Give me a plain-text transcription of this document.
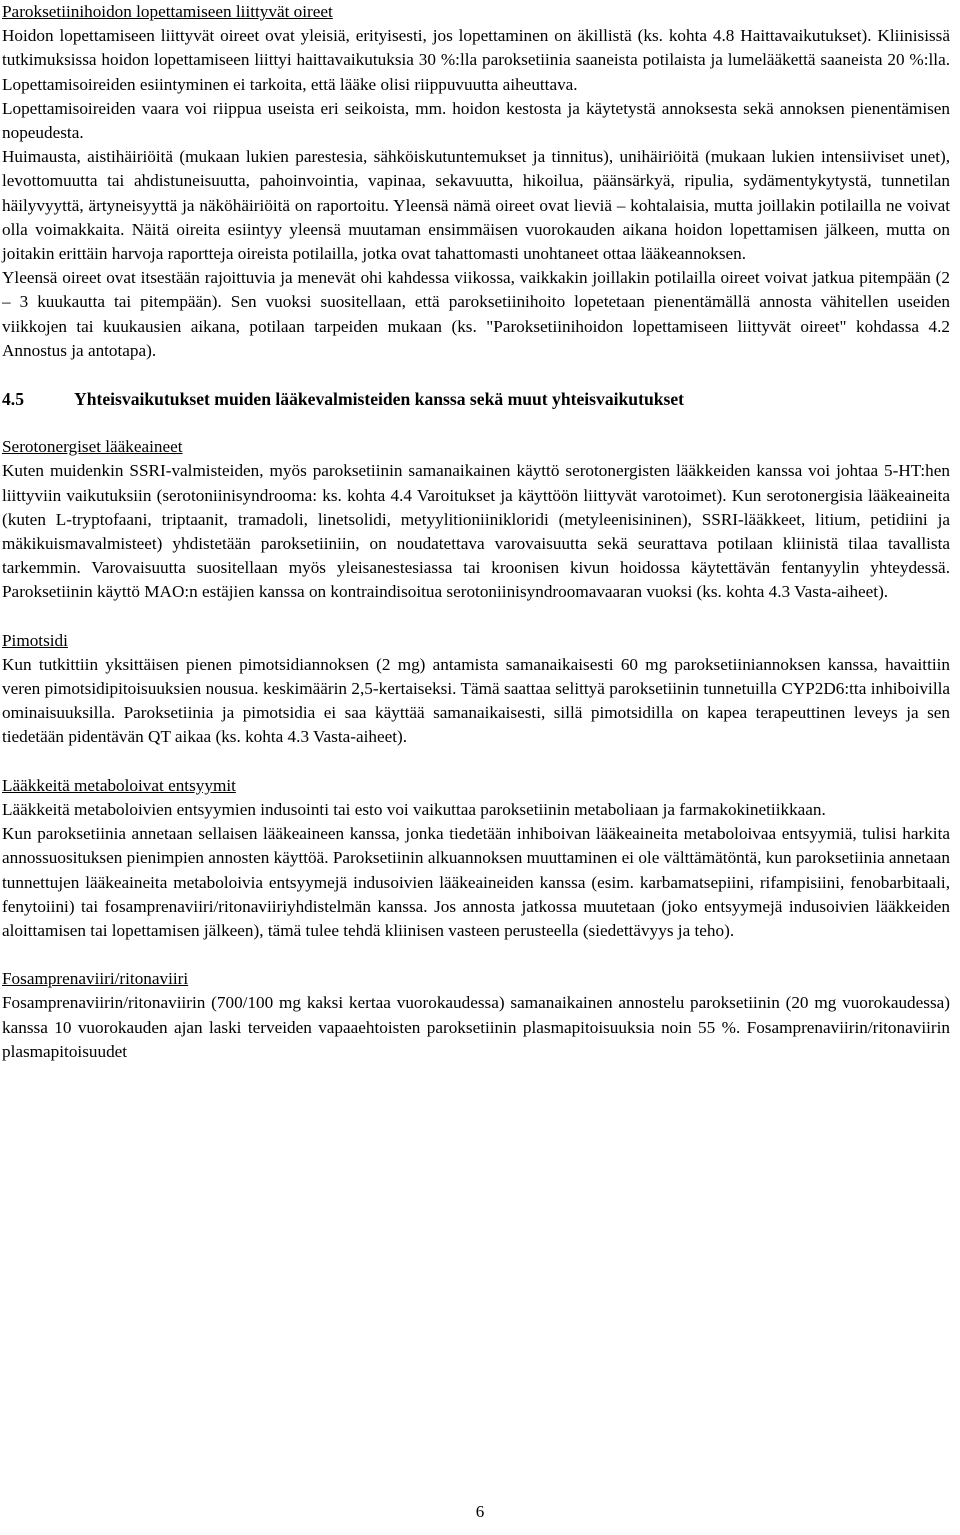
Paroksetiinihoidon lopettamiseen liittyvät oireet

Hoidon lopettamiseen liittyvät oireet ovat yleisiä, erityisesti, jos lopettaminen on äkillistä (ks. kohta 4.8 Haittavaikutukset). Kliinisissä tutkimuksissa hoidon lopettamiseen liittyi haittavaikutuksia 30 %:lla paroksetiinia saaneista potilaista ja lumelääkettä saaneista 20 %:lla. Lopettamisoireiden esiintyminen ei tarkoita, että lääke olisi riippuvuutta aiheuttava.

Lopettamisoireiden vaara voi riippua useista eri seikoista, mm. hoidon kestosta ja käytetystä annoksesta sekä annoksen pienentämisen nopeudesta.

Huimausta, aistihäiriöitä (mukaan lukien parestesia, sähköiskutuntemukset ja tinnitus), unihäiriöitä (mukaan lukien intensiiviset unet), levottomuutta tai ahdistuneisuutta, pahoinvointia, vapinaa, sekavuutta, hikoilua, päänsärkyä, ripulia, sydämentykytystä, tunnetilan häilyvyyttä, ärtyneisyyttä ja näköhäiriöitä on raportoitu. Yleensä nämä oireet ovat lieviä – kohtalaisia, mutta joillakin potilailla ne voivat olla voimakkaita. Näitä oireita esiintyy yleensä muutaman ensimmäisen vuorokauden aikana hoidon lopettamisen jälkeen, mutta on joitakin erittäin harvoja raportteja oireista potilailla, jotka ovat tahattomasti unohtaneet ottaa lääkeannoksen.

Yleensä oireet ovat itsestään rajoittuvia ja menevät ohi kahdessa viikossa, vaikkakin joillakin potilailla oireet voivat jatkua pitempään (2 – 3 kuukautta tai pitempään). Sen vuoksi suositellaan, että paroksetiinihoito lopetetaan pienentämällä annosta vähitellen useiden viikkojen tai kuukausien aikana, potilaan tarpeiden mukaan (ks. "Paroksetiinihoidon lopettamiseen liittyvät oireet" kohdassa 4.2 Annostus ja antotapa).

4.5	Yhteisvaikutukset muiden lääkevalmisteiden kanssa sekä muut yhteisvaikutukset

Serotonergiset lääkeaineet

Kuten muidenkin SSRI-valmisteiden, myös paroksetiinin samanaikainen käyttö serotonergisten lääkkeiden kanssa voi johtaa 5-HT:hen liittyviin vaikutuksiin (serotoniinisyndrooma: ks. kohta 4.4 Varoitukset ja käyttöön liittyvät varotoimet). Kun serotonergisia lääkeaineita (kuten L-tryptofaani, triptaanit, tramadoli, linetsolidi, metyylitioniinikloridi (metyleenisininen), SSRI-lääkkeet, litium, petidiini ja mäkikuismavalmisteet) yhdistetään paroksetiiniin, on noudatettava varovaisuutta sekä seurattava potilaan kliinistä tilaa tavallista tarkemmin. Varovaisuutta suositellaan myös yleisanestesiassa tai kroonisen kivun hoidossa käytettävän fentanyylin yhteydessä. Paroksetiinin käyttö MAO:n estäjien kanssa on kontraindisoitua serotoniinisyndroomavaaran vuoksi (ks. kohta 4.3 Vasta-aiheet).

Pimotsidi

Kun tutkittiin yksittäisen pienen pimotsidiannoksen (2 mg) antamista samanaikaisesti 60 mg paroksetiiniannoksen kanssa, havaittiin veren pimotsidipitoisuuksien nousua. keskimäärin 2,5-kertaiseksi. Tämä saattaa selittyä paroksetiinin tunnetuilla CYP2D6:tta inhiboivilla ominaisuuksilla. Paroksetiinia ja pimotsidia ei saa käyttää samanaikaisesti, sillä pimotsidilla on kapea terapeuttinen leveys ja sen tiedetään pidentävän QT aikaa (ks. kohta 4.3 Vasta-aiheet).

Lääkkeitä metaboloivat entsyymit

Lääkkeitä metaboloivien entsyymien indusointi tai esto voi vaikuttaa paroksetiinin metaboliaan ja farmakokinetiikkaan.

Kun paroksetiinia annetaan sellaisen lääkeaineen kanssa, jonka tiedetään inhiboivan lääkeaineita metaboloivaa entsyymiä, tulisi harkita annossuosituksen pienimpien annosten käyttöä. Paroksetiinin alkuannoksen muuttaminen ei ole välttämätöntä, kun paroksetiinia annetaan tunnettujen lääkeaineita metaboloivia entsyymejä indusoivien lääkeaineiden kanssa (esim. karbamatsepiini, rifampisiini, fenobarbitaali, fenytoiini) tai fosamprenaviiri/ritonaviiriyhdistelmän kanssa. Jos annosta jatkossa muutetaan (joko entsyymejä indusoivien lääkkeiden aloittamisen tai lopettamisen jälkeen), tämä tulee tehdä kliinisen vasteen perusteella (siedettävyys ja teho).

Fosamprenaviiri/ritonaviiri

Fosamprenaviirin/ritonaviirin (700/100 mg kaksi kertaa vuorokaudessa) samanaikainen annostelu paroksetiinin (20 mg vuorokaudessa) kanssa 10 vuorokauden ajan laski terveiden vapaaehtoisten paroksetiinin plasmapitoisuuksia noin 55 %. Fosamprenaviirin/ritonaviirin plasmapitoisuudet

6
